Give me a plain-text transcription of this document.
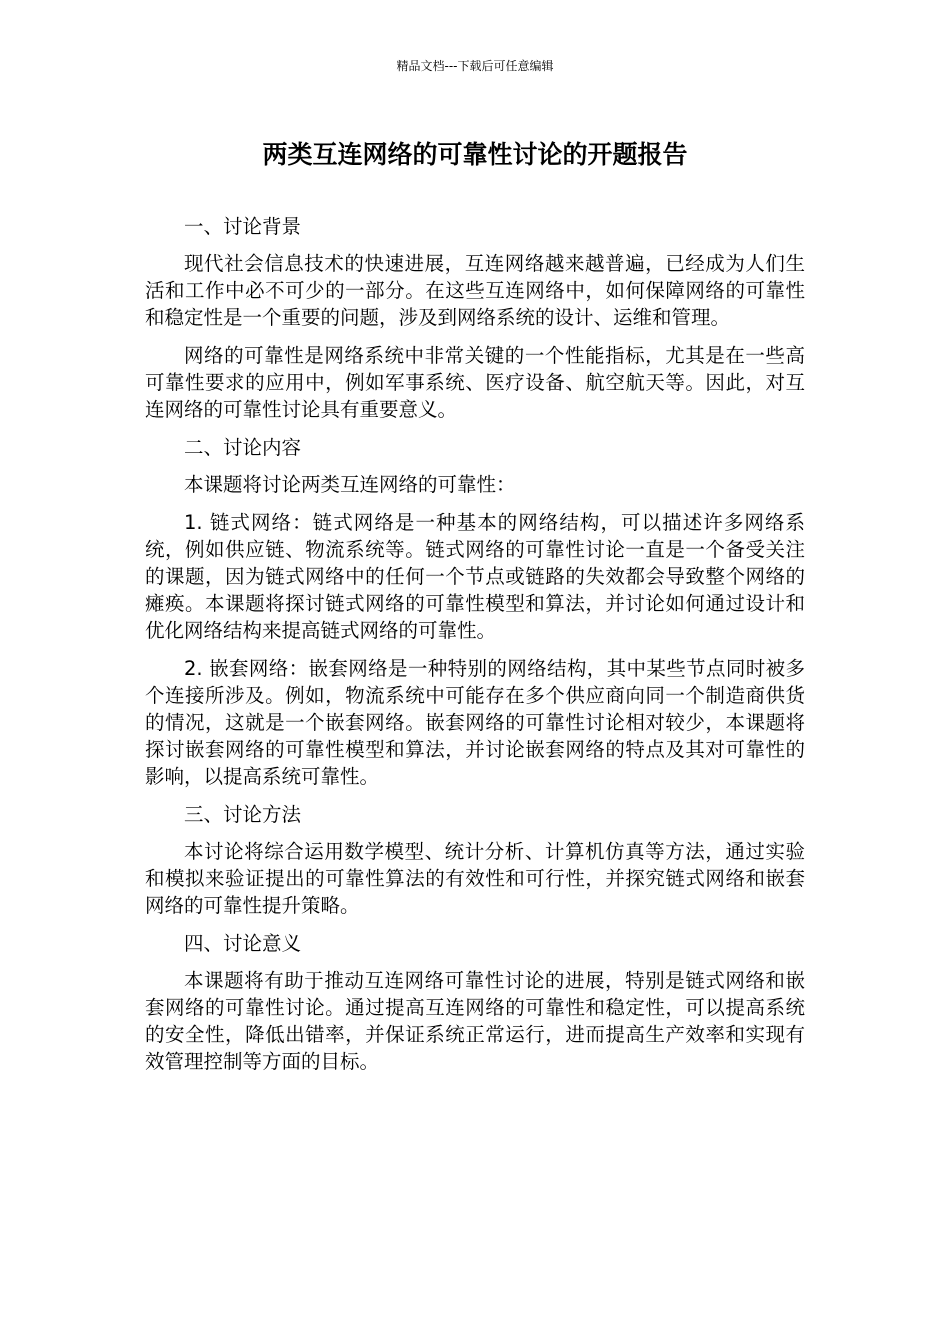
精品文档---下载后可任意编辑
两类互连网络的可靠性讨论的开题报告

一、讨论背景

现代社会信息技术的快速进展，互连网络越来越普遍，已经成为人们生活和工作中必不可少的一部分。在这些互连网络中，如何保障网络的可靠性和稳定性是一个重要的问题，涉及到网络系统的设计、运维和管理。

网络的可靠性是网络系统中非常关键的一个性能指标，尤其是在一些高可靠性要求的应用中，例如军事系统、医疗设备、航空航天等。因此，对互连网络的可靠性讨论具有重要意义。

二、讨论内容

本课题将讨论两类互连网络的可靠性：

1. 链式网络：链式网络是一种基本的网络结构，可以描述许多网络系统，例如供应链、物流系统等。链式网络的可靠性讨论一直是一个备受关注的课题，因为链式网络中的任何一个节点或链路的失效都会导致整个网络的瘫痪。本课题将探讨链式网络的可靠性模型和算法，并讨论如何通过设计和优化网络结构来提高链式网络的可靠性。

2. 嵌套网络：嵌套网络是一种特别的网络结构，其中某些节点同时被多个连接所涉及。例如，物流系统中可能存在多个供应商向同一个制造商供货的情况，这就是一个嵌套网络。嵌套网络的可靠性讨论相对较少，本课题将探讨嵌套网络的可靠性模型和算法，并讨论嵌套网络的特点及其对可靠性的影响，以提高系统可靠性。

三、讨论方法

本讨论将综合运用数学模型、统计分析、计算机仿真等方法，通过实验和模拟来验证提出的可靠性算法的有效性和可行性，并探究链式网络和嵌套网络的可靠性提升策略。

四、讨论意义

本课题将有助于推动互连网络可靠性讨论的进展，特别是链式网络和嵌套网络的可靠性讨论。通过提高互连网络的可靠性和稳定性，可以提高系统的安全性，降低出错率，并保证系统正常运行，进而提高生产效率和实现有效管理控制等方面的目标。
